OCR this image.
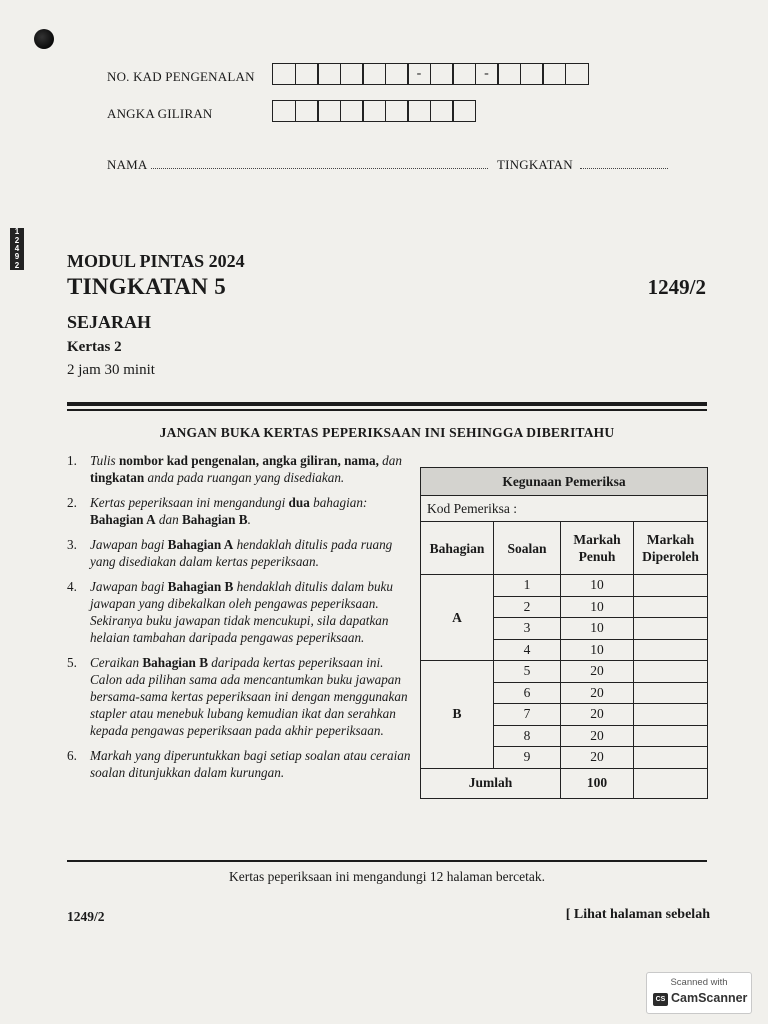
NO. KAD PENGENALAN	-	-
ANGKA GILIRAN
NAMA	TINGKATAN
1
2
4
9
2	MODUL PINTAS 2024
TINGKATAN 5	1249/2
SEJARAH
Kertas 2
2 jam 30 minit
JANGAN BUKA KERTAS PEPERIKSAAN INI SEHINGGA DIBERITAHU
1. Tulis nombor kad pengenalan, angka giliran, nama, dan tingkatan anda pada ruangan yang disediakan.
2. Kertas peperiksaan ini mengandungi dua bahagian: Bahagian A dan Bahagian B.
3. Jawapan bagi Bahagian A hendaklah ditulis pada ruang yang disediakan dalam kertas peperiksaan.
4. Jawapan bagi Bahagian B hendaklah ditulis dalam buku jawapan yang dibekalkan oleh pengawas peperiksaan. Sekiranya buku jawapan tidak mencukupi, sila dapatkan helaian tambahan daripada pengawas peperiksaan.
5. Ceraikan Bahagian B daripada kertas peperiksaan ini. Calon ada pilihan sama ada mencantumkan buku jawapan bersama-sama kertas peperiksaan ini dengan menggunakan stapler atau menebuk lubang kemudian ikat dan serahkan kepada pengawas peperiksaan pada akhir peperiksaan.
6. Markah yang diperuntukkan bagi setiap soalan atau ceraian soalan ditunjukkan dalam kurungan.
Kegunaan Pemeriksa			
Kod Pemeriksa :			
Bahagian	Soalan	Markah Penuh	Markah Diperoleh
A	1	10	
	2	10	
	3	10	
	4	10	
B	5	20	
	6	20	
	7	20	
	8	20	
	9	20	
Jumlah		100	
Kertas peperiksaan ini mengandungi 12 halaman bercetak.
1249/2	[ Lihat halaman sebelah
Scanned with
CS CamScanner
